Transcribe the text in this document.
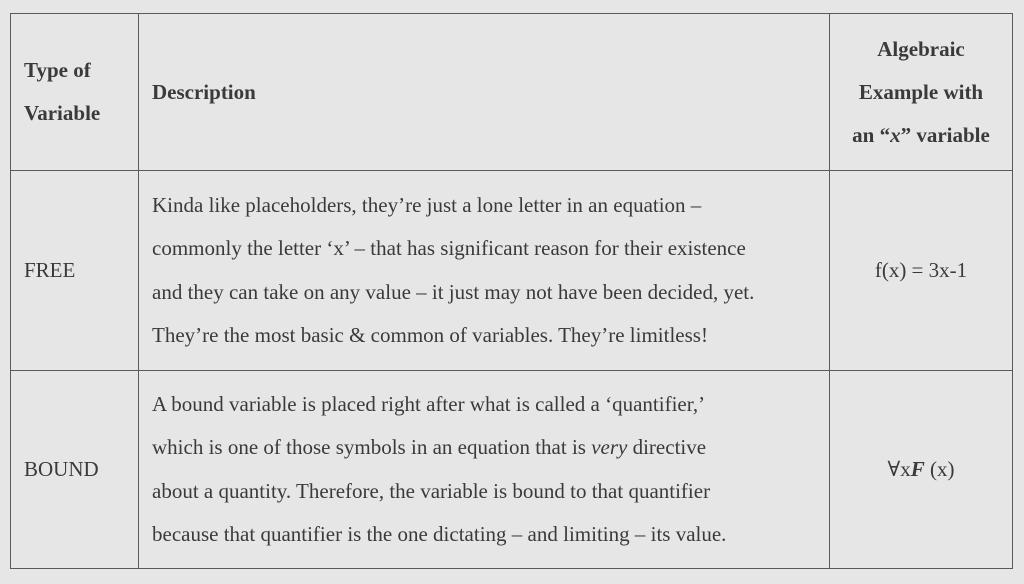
Type of
Variable
Description
Algebraic
Example with
an “x” variable
FREE
Kinda like placeholders, they’re just a lone letter in an equation –
commonly the letter ‘x’ – that has significant reason for their existence
and they can take on any value – it just may not have been decided, yet.
They’re the most basic & common of variables. They’re limitless!
f(x) = 3x-1
BOUND
A bound variable is placed right after what is called a ‘quantifier,’
which is one of those symbols in an equation that is very directive
about a quantity. Therefore, the variable is bound to that quantifier
because that quantifier is the one dictating – and limiting – its value.
∀xF (x)
